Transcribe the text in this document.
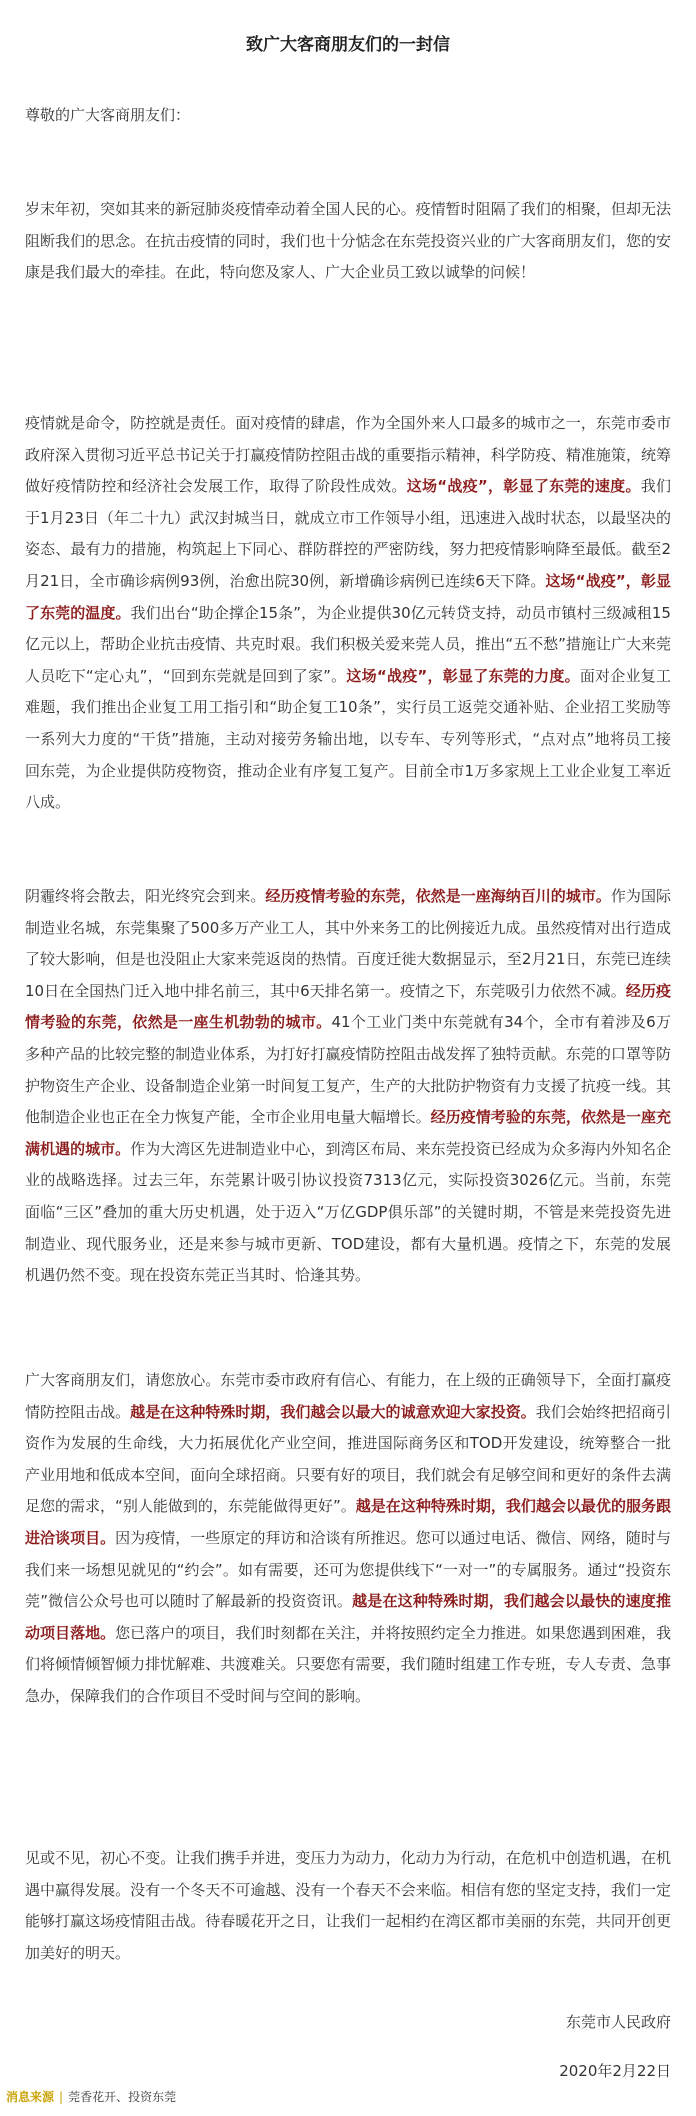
致广大客商朋友们的一封信

尊敬的广大客商朋友们：

岁末年初，突如其来的新冠肺炎疫情牵动着全国人民的心。疫情暂时阻隔了我们的相聚，但却无法阻断我们的思念。在抗击疫情的同时，我们也十分惦念在东莞投资兴业的广大客商朋友们，您的安康是我们最大的牵挂。在此，特向您及家人、广大企业员工致以诚挚的问候！

疫情就是命令，防控就是责任。面对疫情的肆虐，作为全国外来人口最多的城市之一，东莞市委市政府深入贯彻习近平总书记关于打赢疫情防控阻击战的重要指示精神，科学防疫、精准施策，统筹做好疫情防控和经济社会发展工作，取得了阶段性成效。这场“战疫”，彰显了东莞的速度。我们于1月23日（年二十九）武汉封城当日，就成立市工作领导小组，迅速进入战时状态，以最坚决的姿态、最有力的措施，构筑起上下同心、群防群控的严密防线，努力把疫情影响降至最低。截至2月21日，全市确诊病例93例，治愈出院30例，新增确诊病例已连续6天下降。这场“战疫”，彰显了东莞的温度。我们出台“助企撑企15条”，为企业提供30亿元转贷支持，动员市镇村三级减租15亿元以上，帮助企业抗击疫情、共克时艰。我们积极关爱来莞人员，推出“五不愁”措施让广大来莞人员吃下“定心丸”，“回到东莞就是回到了家”。这场“战疫”，彰显了东莞的力度。面对企业复工难题，我们推出企业复工用工指引和“助企复工10条”，实行员工返莞交通补贴、企业招工奖励等一系列大力度的“干货”措施，主动对接劳务输出地，以专车、专列等形式，“点对点”地将员工接回东莞，为企业提供防疫物资，推动企业有序复工复产。目前全市1万多家规上工业企业复工率近八成。

阴霾终将会散去，阳光终究会到来。经历疫情考验的东莞，依然是一座海纳百川的城市。作为国际制造业名城，东莞集聚了500多万产业工人，其中外来务工的比例接近九成。虽然疫情对出行造成了较大影响，但是也没阻止大家来莞返岗的热情。百度迁徙大数据显示，至2月21日，东莞已连续10日在全国热门迁入地中排名前三，其中6天排名第一。疫情之下，东莞吸引力依然不减。经历疫情考验的东莞，依然是一座生机勃勃的城市。41个工业门类中东莞就有34个，全市有着涉及6万多种产品的比较完整的制造业体系，为打好打赢疫情防控阻击战发挥了独特贡献。东莞的口罩等防护物资生产企业、设备制造企业第一时间复工复产，生产的大批防护物资有力支援了抗疫一线。其他制造企业也正在全力恢复产能，全市企业用电量大幅增长。经历疫情考验的东莞，依然是一座充满机遇的城市。作为大湾区先进制造业中心，到湾区布局、来东莞投资已经成为众多海内外知名企业的战略选择。过去三年，东莞累计吸引协议投资7313亿元，实际投资3026亿元。当前，东莞面临“三区”叠加的重大历史机遇，处于迈入“万亿GDP俱乐部”的关键时期，不管是来莞投资先进制造业、现代服务业，还是来参与城市更新、TOD建设，都有大量机遇。疫情之下，东莞的发展机遇仍然不变。现在投资东莞正当其时、恰逢其势。

广大客商朋友们，请您放心。东莞市委市政府有信心、有能力，在上级的正确领导下，全面打赢疫情防控阻击战。越是在这种特殊时期，我们越会以最大的诚意欢迎大家投资。我们会始终把招商引资作为发展的生命线，大力拓展优化产业空间，推进国际商务区和TOD开发建设，统筹整合一批产业用地和低成本空间，面向全球招商。只要有好的项目，我们就会有足够空间和更好的条件去满足您的需求，“别人能做到的，东莞能做得更好”。越是在这种特殊时期，我们越会以最优的服务跟进洽谈项目。因为疫情，一些原定的拜访和洽谈有所推迟。您可以通过电话、微信、网络，随时与我们来一场想见就见的“约会”。如有需要，还可为您提供线下“一对一”的专属服务。通过“投资东莞”微信公众号也可以随时了解最新的投资资讯。越是在这种特殊时期，我们越会以最快的速度推动项目落地。您已落户的项目，我们时刻都在关注，并将按照约定全力推进。如果您遇到困难，我们将倾情倾智倾力排忧解难、共渡难关。只要您有需要，我们随时组建工作专班，专人专责、急事急办，保障我们的合作项目不受时间与空间的影响。

见或不见，初心不变。让我们携手并进，变压力为动力，化动力为行动，在危机中创造机遇，在机遇中赢得发展。没有一个冬天不可逾越、没有一个春天不会来临。相信有您的坚定支持，我们一定能够打赢这场疫情阻击战。待春暖花开之日，让我们一起相约在湾区都市美丽的东莞，共同开创更加美好的明天。

东莞市人民政府

2020年2月22日

消息来源 | 莞香花开、投资东莞
